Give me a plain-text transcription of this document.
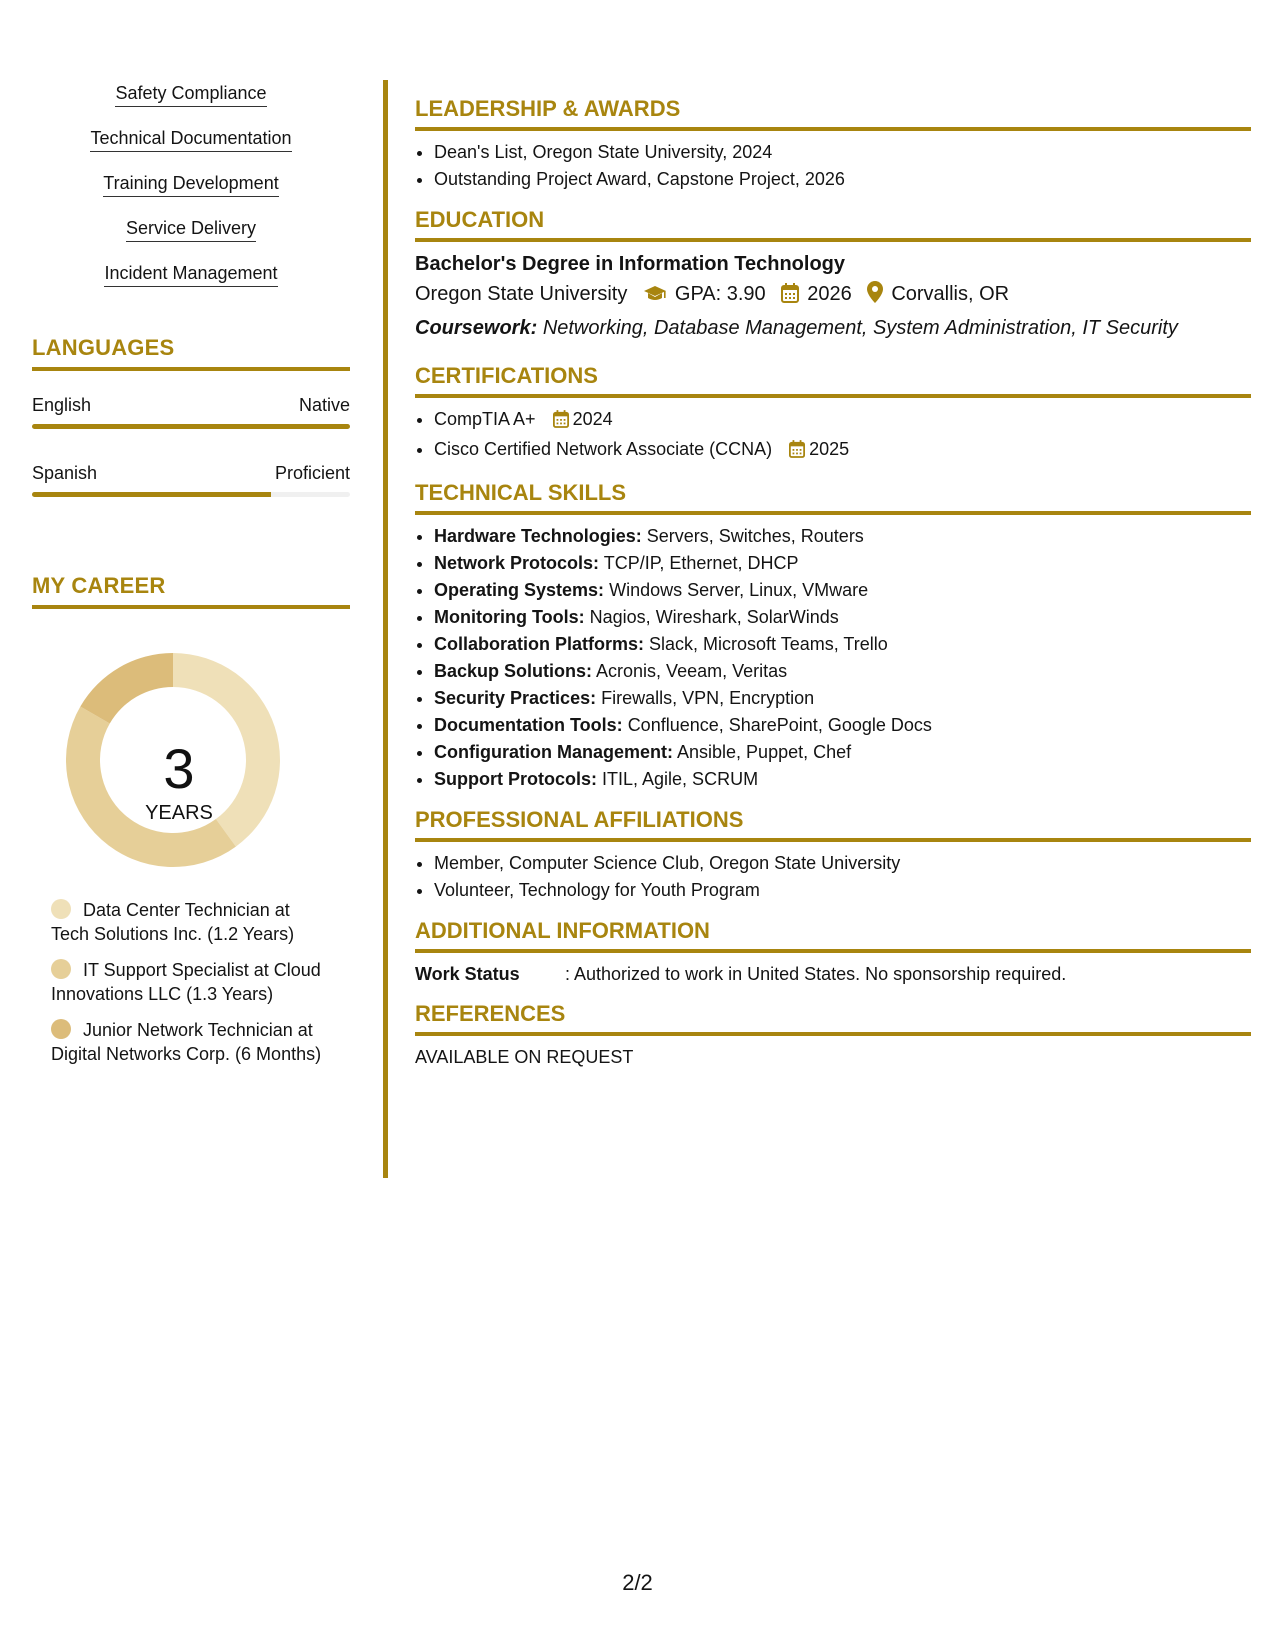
Safety Compliance
Technical Documentation
Training Development
Service Delivery
Incident Management
LANGUAGES
English	Native
Spanish	Proficient
MY CAREER
3
YEARS
Data Center Technician at Tech Solutions Inc. (1.2 Years)
IT Support Specialist at Cloud Innovations LLC (1.3 Years)
Junior Network Technician at Digital Networks Corp. (6 Months)
LEADERSHIP & AWARDS
• Dean's List, Oregon State University, 2024
• Outstanding Project Award, Capstone Project, 2026
EDUCATION
Bachelor's Degree in Information Technology
Oregon State University GPA: 3.90 2026 Corvallis, OR
Coursework: Networking, Database Management, System Administration, IT Security
CERTIFICATIONS
• CompTIA A+ 2024
• Cisco Certified Network Associate (CCNA) 2025
TECHNICAL SKILLS
• Hardware Technologies: Servers, Switches, Routers
• Network Protocols: TCP/IP, Ethernet, DHCP
• Operating Systems: Windows Server, Linux, VMware
• Monitoring Tools: Nagios, Wireshark, SolarWinds
• Collaboration Platforms: Slack, Microsoft Teams, Trello
• Backup Solutions: Acronis, Veeam, Veritas
• Security Practices: Firewalls, VPN, Encryption
• Documentation Tools: Confluence, SharePoint, Google Docs
• Configuration Management: Ansible, Puppet, Chef
• Support Protocols: ITIL, Agile, SCRUM
PROFESSIONAL AFFILIATIONS
• Member, Computer Science Club, Oregon State University
• Volunteer, Technology for Youth Program
ADDITIONAL INFORMATION
Work Status	: Authorized to work in United States. No sponsorship required.
REFERENCES
AVAILABLE ON REQUEST
2/2
